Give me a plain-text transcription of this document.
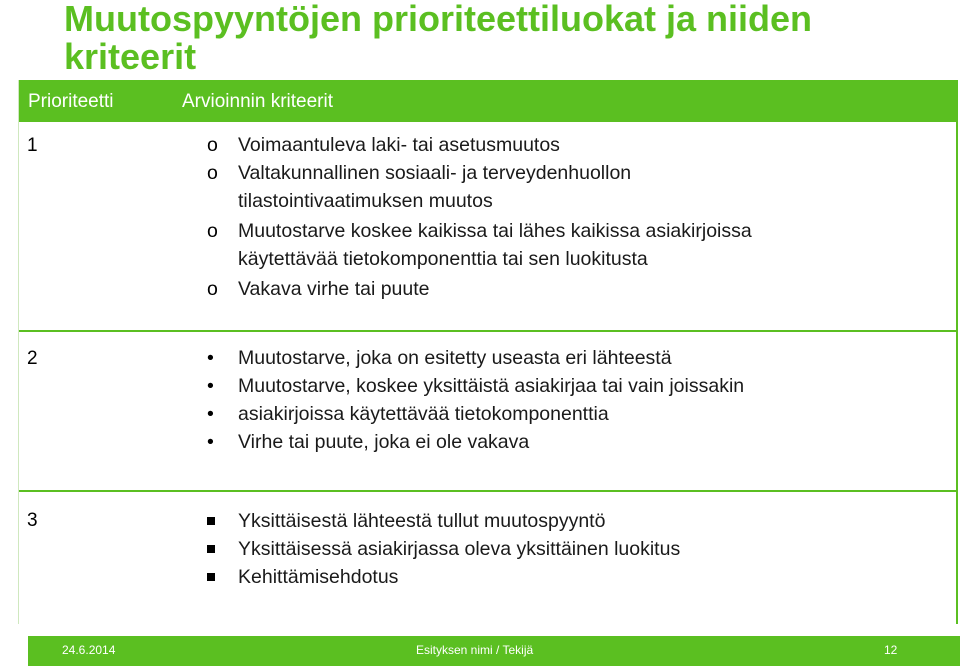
Muutospyyntöjen prioriteettiluokat ja niiden kriteerit
Prioriteetti	Arvioinnin kriteerit
1	o Voimaantuleva laki- tai asetusmuutos
o Valtakunnallinen sosiaali- ja terveydenhuollon
tilastointivaatimuksen muutos
o Muutostarve koskee kaikissa tai lähes kaikissa asiakirjoissa
käytettävää tietokomponenttia tai sen luokitusta
o Vakava virhe tai puute
2	• Muutostarve, joka on esitetty useasta eri lähteestä
• Muutostarve, koskee yksittäistä asiakirjaa tai vain joissakin
• asiakirjoissa käytettävää tietokomponenttia
• Virhe tai puute, joka ei ole vakava
3	Yksittäisestä lähteestä tullut muutospyyntö
Yksittäisessä asiakirjassa oleva yksittäinen luokitus
Kehittämisehdotus
24.6.2014	Esityksen nimi / Tekijä	12
